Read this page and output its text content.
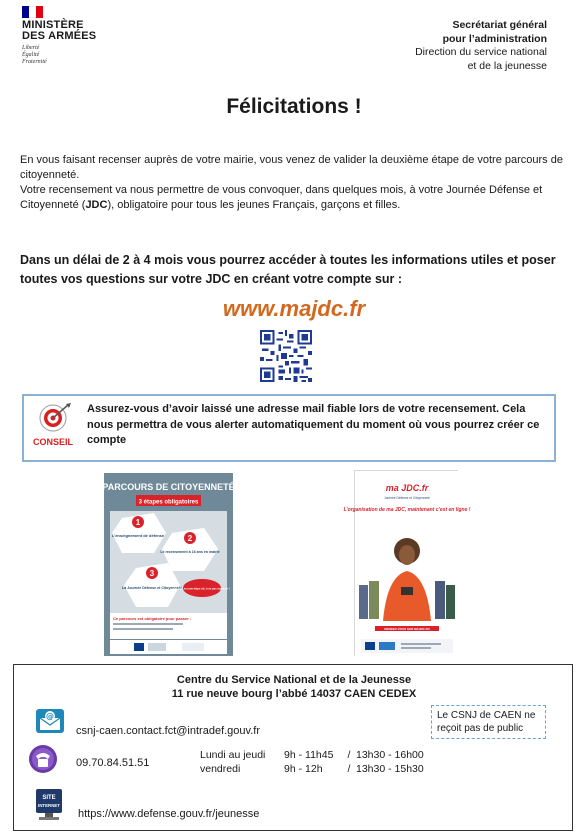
MINISTÈRE
DES ARMÉES
Liberté
Égalité
Fraternité
Secrétariat général
pour l’administration
Direction du service national
et de la jeunesse
Félicitations !

En vous faisant recenser auprès de votre mairie, vous venez de valider la deuxième étape de votre parcours de citoyenneté.

Votre recensement va nous permettre de vous convoquer, dans quelques mois, à votre Journée Défense et Citoyenneté (JDC), obligatoire pour tous les jeunes Français, garçons et filles.

Dans un délai de 2 à 4 mois vous pourrez accéder à toutes les informations utiles et poser toutes vos questions sur votre JDC en créant votre compte sur :
www.majdc.fr
CONSEIL
Assurez-vous d’avoir laissé une adresse mail fiable lors de votre recensement. Cela nous permettra de vous alerter automatiquement du moment où vous pourrez créer ce compte
PARCOURS DE CITOYENNETÉ
3 étapes obligatoires
1
L’enseignement de défense	2
Le recensement à 16 ans en mairie
3
La Journée Défense et Citoyenneté
La JDC est une étape clé, à ne pas manquer !
Ce parcours est obligatoire pour passer :
ma JDC.fr
Journée Défense et Citoyenneté
L’organisation de ma JDC, maintenant c’est en ligne !
RENDEZ-VOUS SUR MAJDC.FR
Centre du Service National et de la Jeunesse
11 rue neuve bourg l’abbé 14037 CAEN CEDEX
@
csnj-caen.contact.fct@intradef.gouv.fr
Le CSNJ de CAEN ne reçoit pas de public
09.70.84.51.51
Lundi au jeudi	9h - 11h45	/ 13h30 - 16h00
vendredi	9h - 12h	/ 13h30 - 15h30
SITE
INTERNET
https://www.defense.gouv.fr/jeunesse
